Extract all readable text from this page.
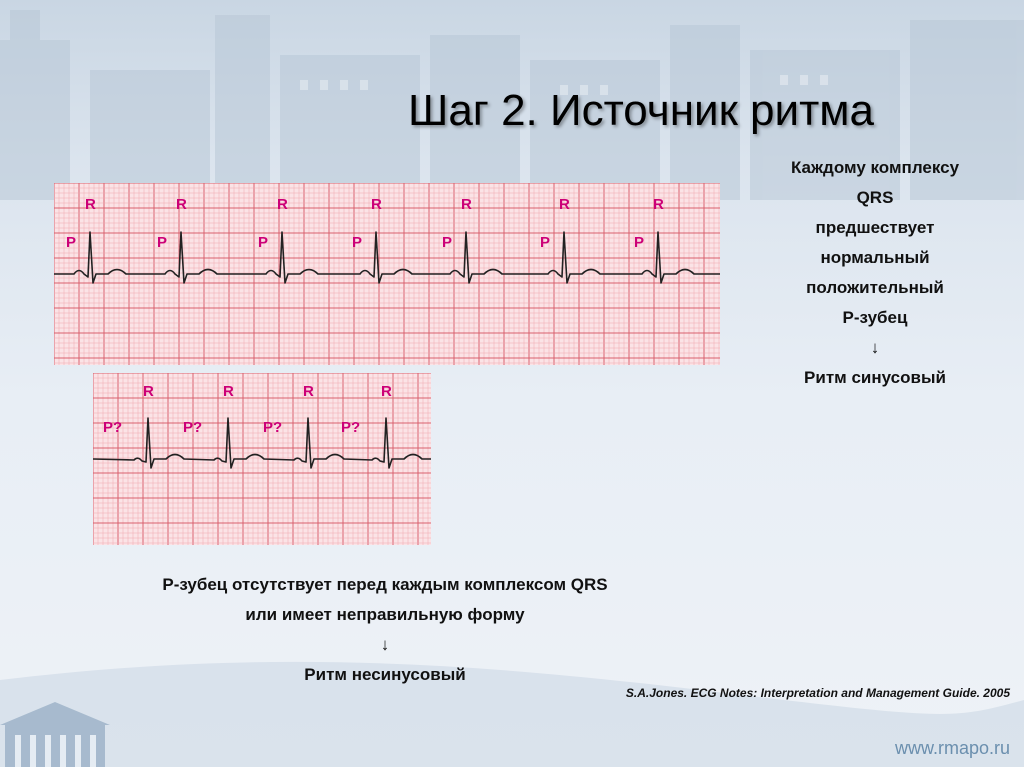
Шаг 2. Источник ритма
R	R	R	R	R	R	R
P	P	P	P	P	P	P
R	R	R	R
P?	P?	P?	P?
Каждому комплексу
QRS
предшествует
нормальный
положительный
Р-зубец
↓
Ритм синусовый
Р-зубец отсутствует перед каждым комплексом QRS
или имеет неправильную форму
↓
Ритм несинусовый
S.A.Jones. ECG Notes: Interpretation and Management Guide. 2005
www.rmapo.ru
